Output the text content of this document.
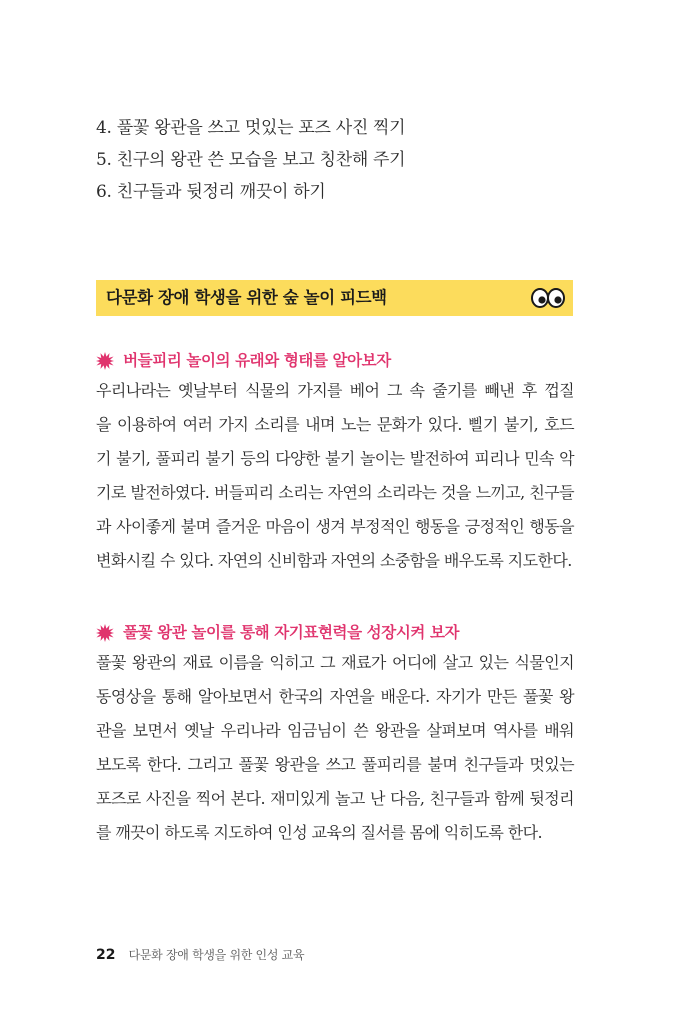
4. 풀꽃 왕관을 쓰고 멋있는 포즈 사진 찍기
5. 친구의 왕관 쓴 모습을 보고 칭찬해 주기
6. 친구들과 뒷정리 깨끗이 하기
다문화 장애 학생을 위한 숲 놀이 피드백
버들피리 놀이의 유래와 형태를 알아보자
우리나라는 옛날부터 식물의 가지를 베어 그 속 줄기를 빼낸 후 껍질
을 이용하여 여러 가지 소리를 내며 노는 문화가 있다. 삘기 불기, 호드
기 불기, 풀피리 불기 등의 다양한 불기 놀이는 발전하여 피리나 민속 악
기로 발전하였다. 버들피리 소리는 자연의 소리라는 것을 느끼고, 친구들
과 사이좋게 불며 즐거운 마음이 생겨 부정적인 행동을 긍정적인 행동을
변화시킬 수 있다. 자연의 신비함과 자연의 소중함을 배우도록 지도한다.
풀꽃 왕관 놀이를 통해 자기표현력을 성장시켜 보자
풀꽃 왕관의 재료 이름을 익히고 그 재료가 어디에 살고 있는 식물인지
동영상을 통해 알아보면서 한국의 자연을 배운다. 자기가 만든 풀꽃 왕
관을 보면서 옛날 우리나라 임금님이 쓴 왕관을 살펴보며 역사를 배워
보도록 한다. 그리고 풀꽃 왕관을 쓰고 풀피리를 불며 친구들과 멋있는
포즈로 사진을 찍어 본다. 재미있게 놀고 난 다음, 친구들과 함께 뒷정리
를 깨끗이 하도록 지도하여 인성 교육의 질서를 몸에 익히도록 한다.
22 다문화 장애 학생을 위한 인성 교육
